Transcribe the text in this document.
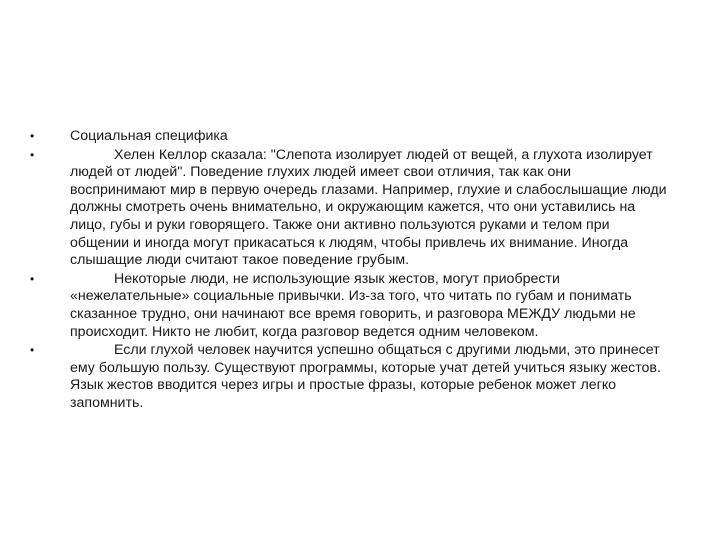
•	Социальная специфика
•	Хелен Келлор сказала: "Слепота изолирует людей от вещей, а глухота изолирует людей от людей". Поведение глухих людей имеет свои отличия, так как они воспринимают мир в первую очередь глазами. Например, глухие и слабослышащие люди должны смотреть очень внимательно, и окружающим кажется, что они уставились на лицо, губы и руки говорящего. Также они активно пользуются руками и телом при общении и иногда могут прикасаться к людям, чтобы привлечь их внимание. Иногда слышащие люди считают такое поведение грубым.
•	Некоторые люди, не использующие язык жестов, могут приобрести «нежелательные» социальные привычки. Из-за того, что читать по губам и понимать сказанное трудно, они начинают все время говорить, и разговора МЕЖДУ людьми не происходит. Никто не любит, когда разговор ведется одним человеком.
•	Если глухой человек научится успешно общаться с другими людьми, это принесет ему большую пользу. Существуют программы, которые учат детей учиться языку жестов. Язык жестов вводится через игры и простые фразы, которые ребенок может легко запомнить.
